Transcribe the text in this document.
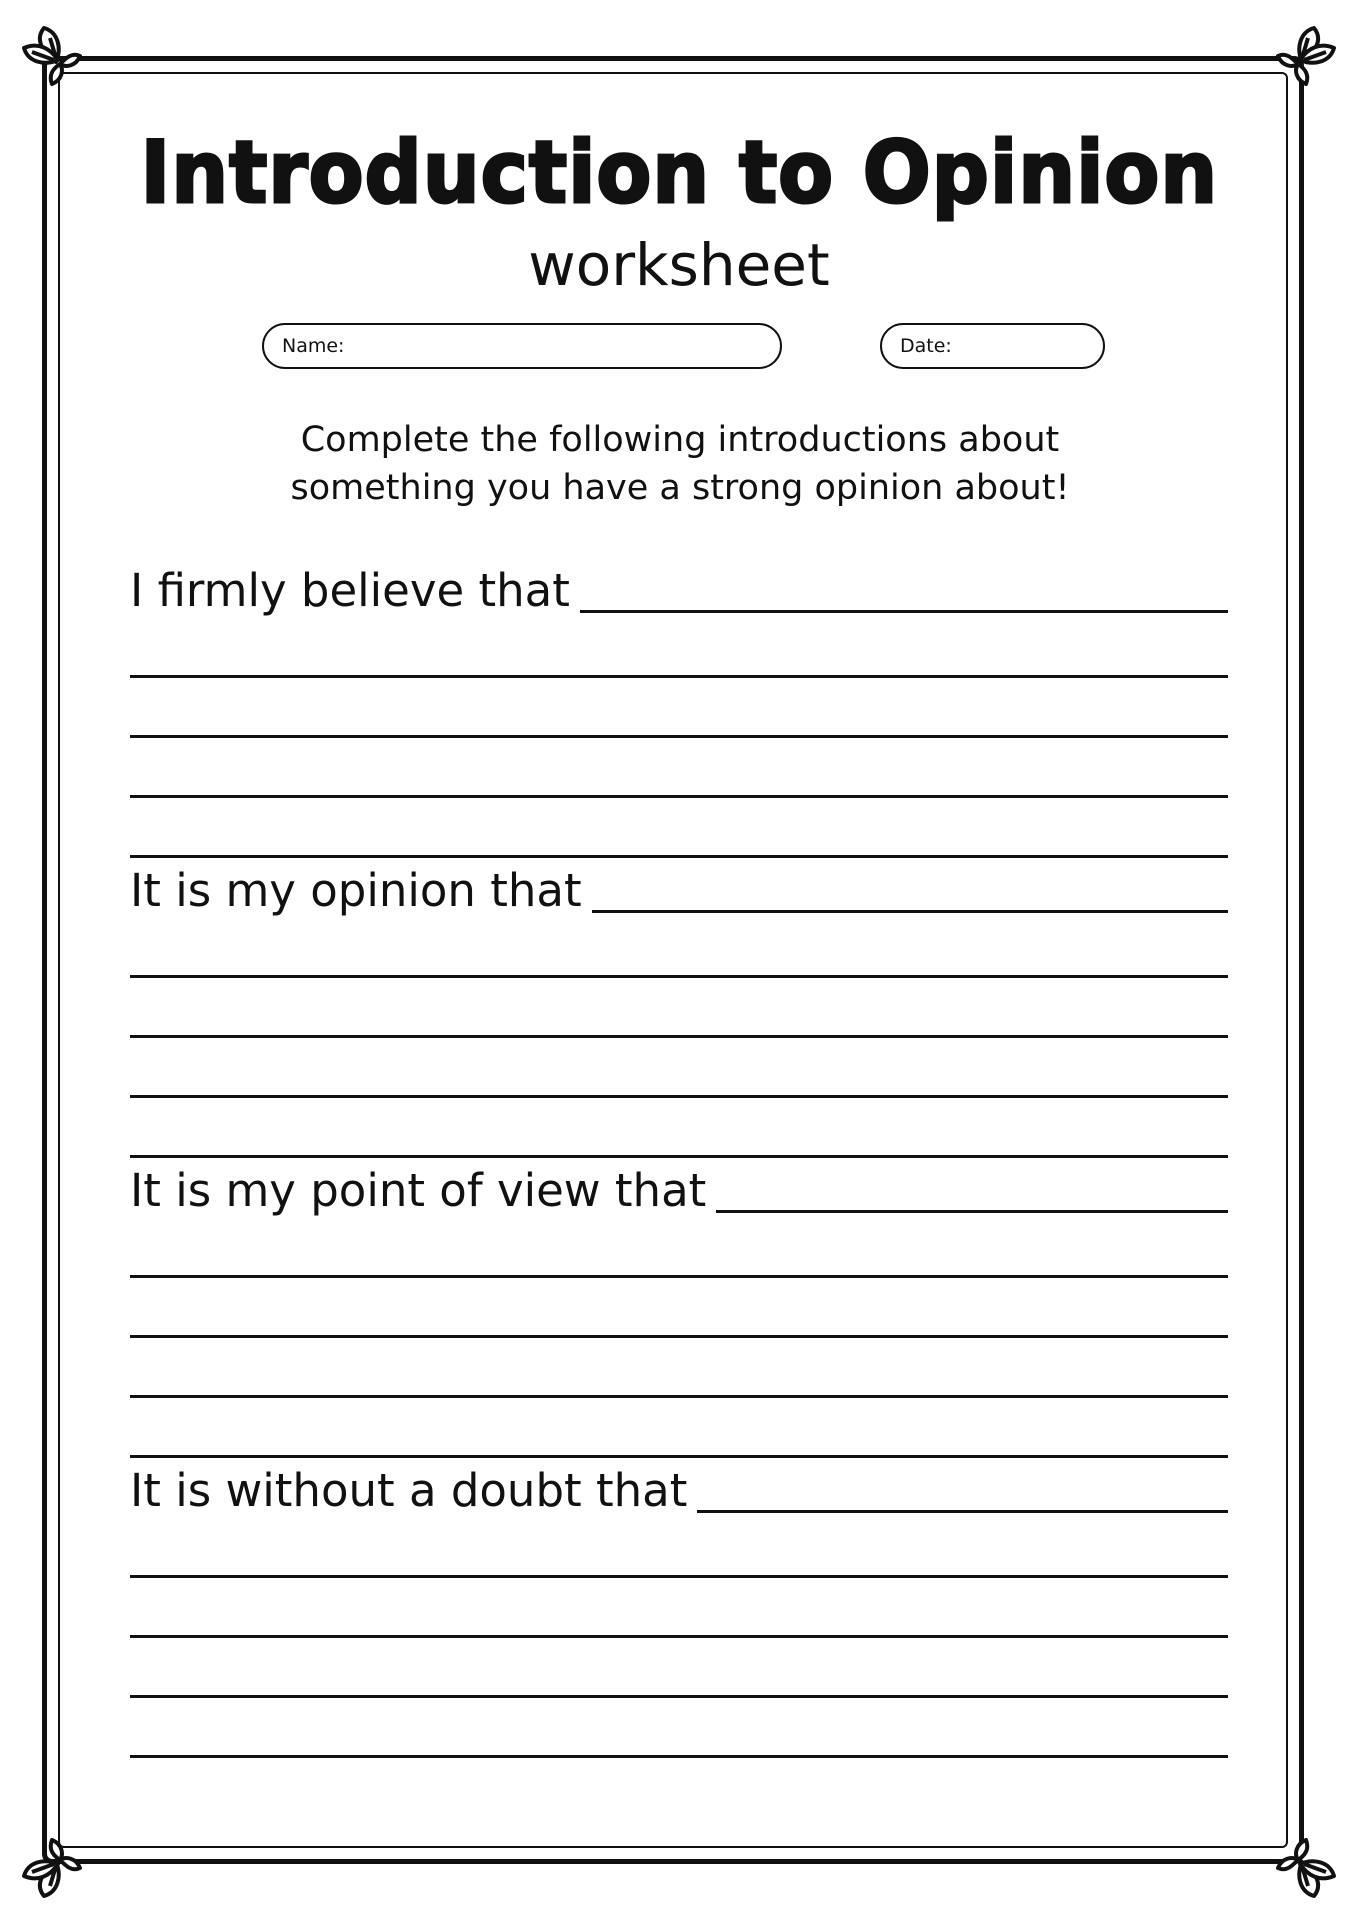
Introduction to Opinion
worksheet
Name:	Date:
Complete the following introductions about
something you have a strong opinion about!
I firmly believe that
It is my opinion that
It is my point of view that
It is without a doubt that
